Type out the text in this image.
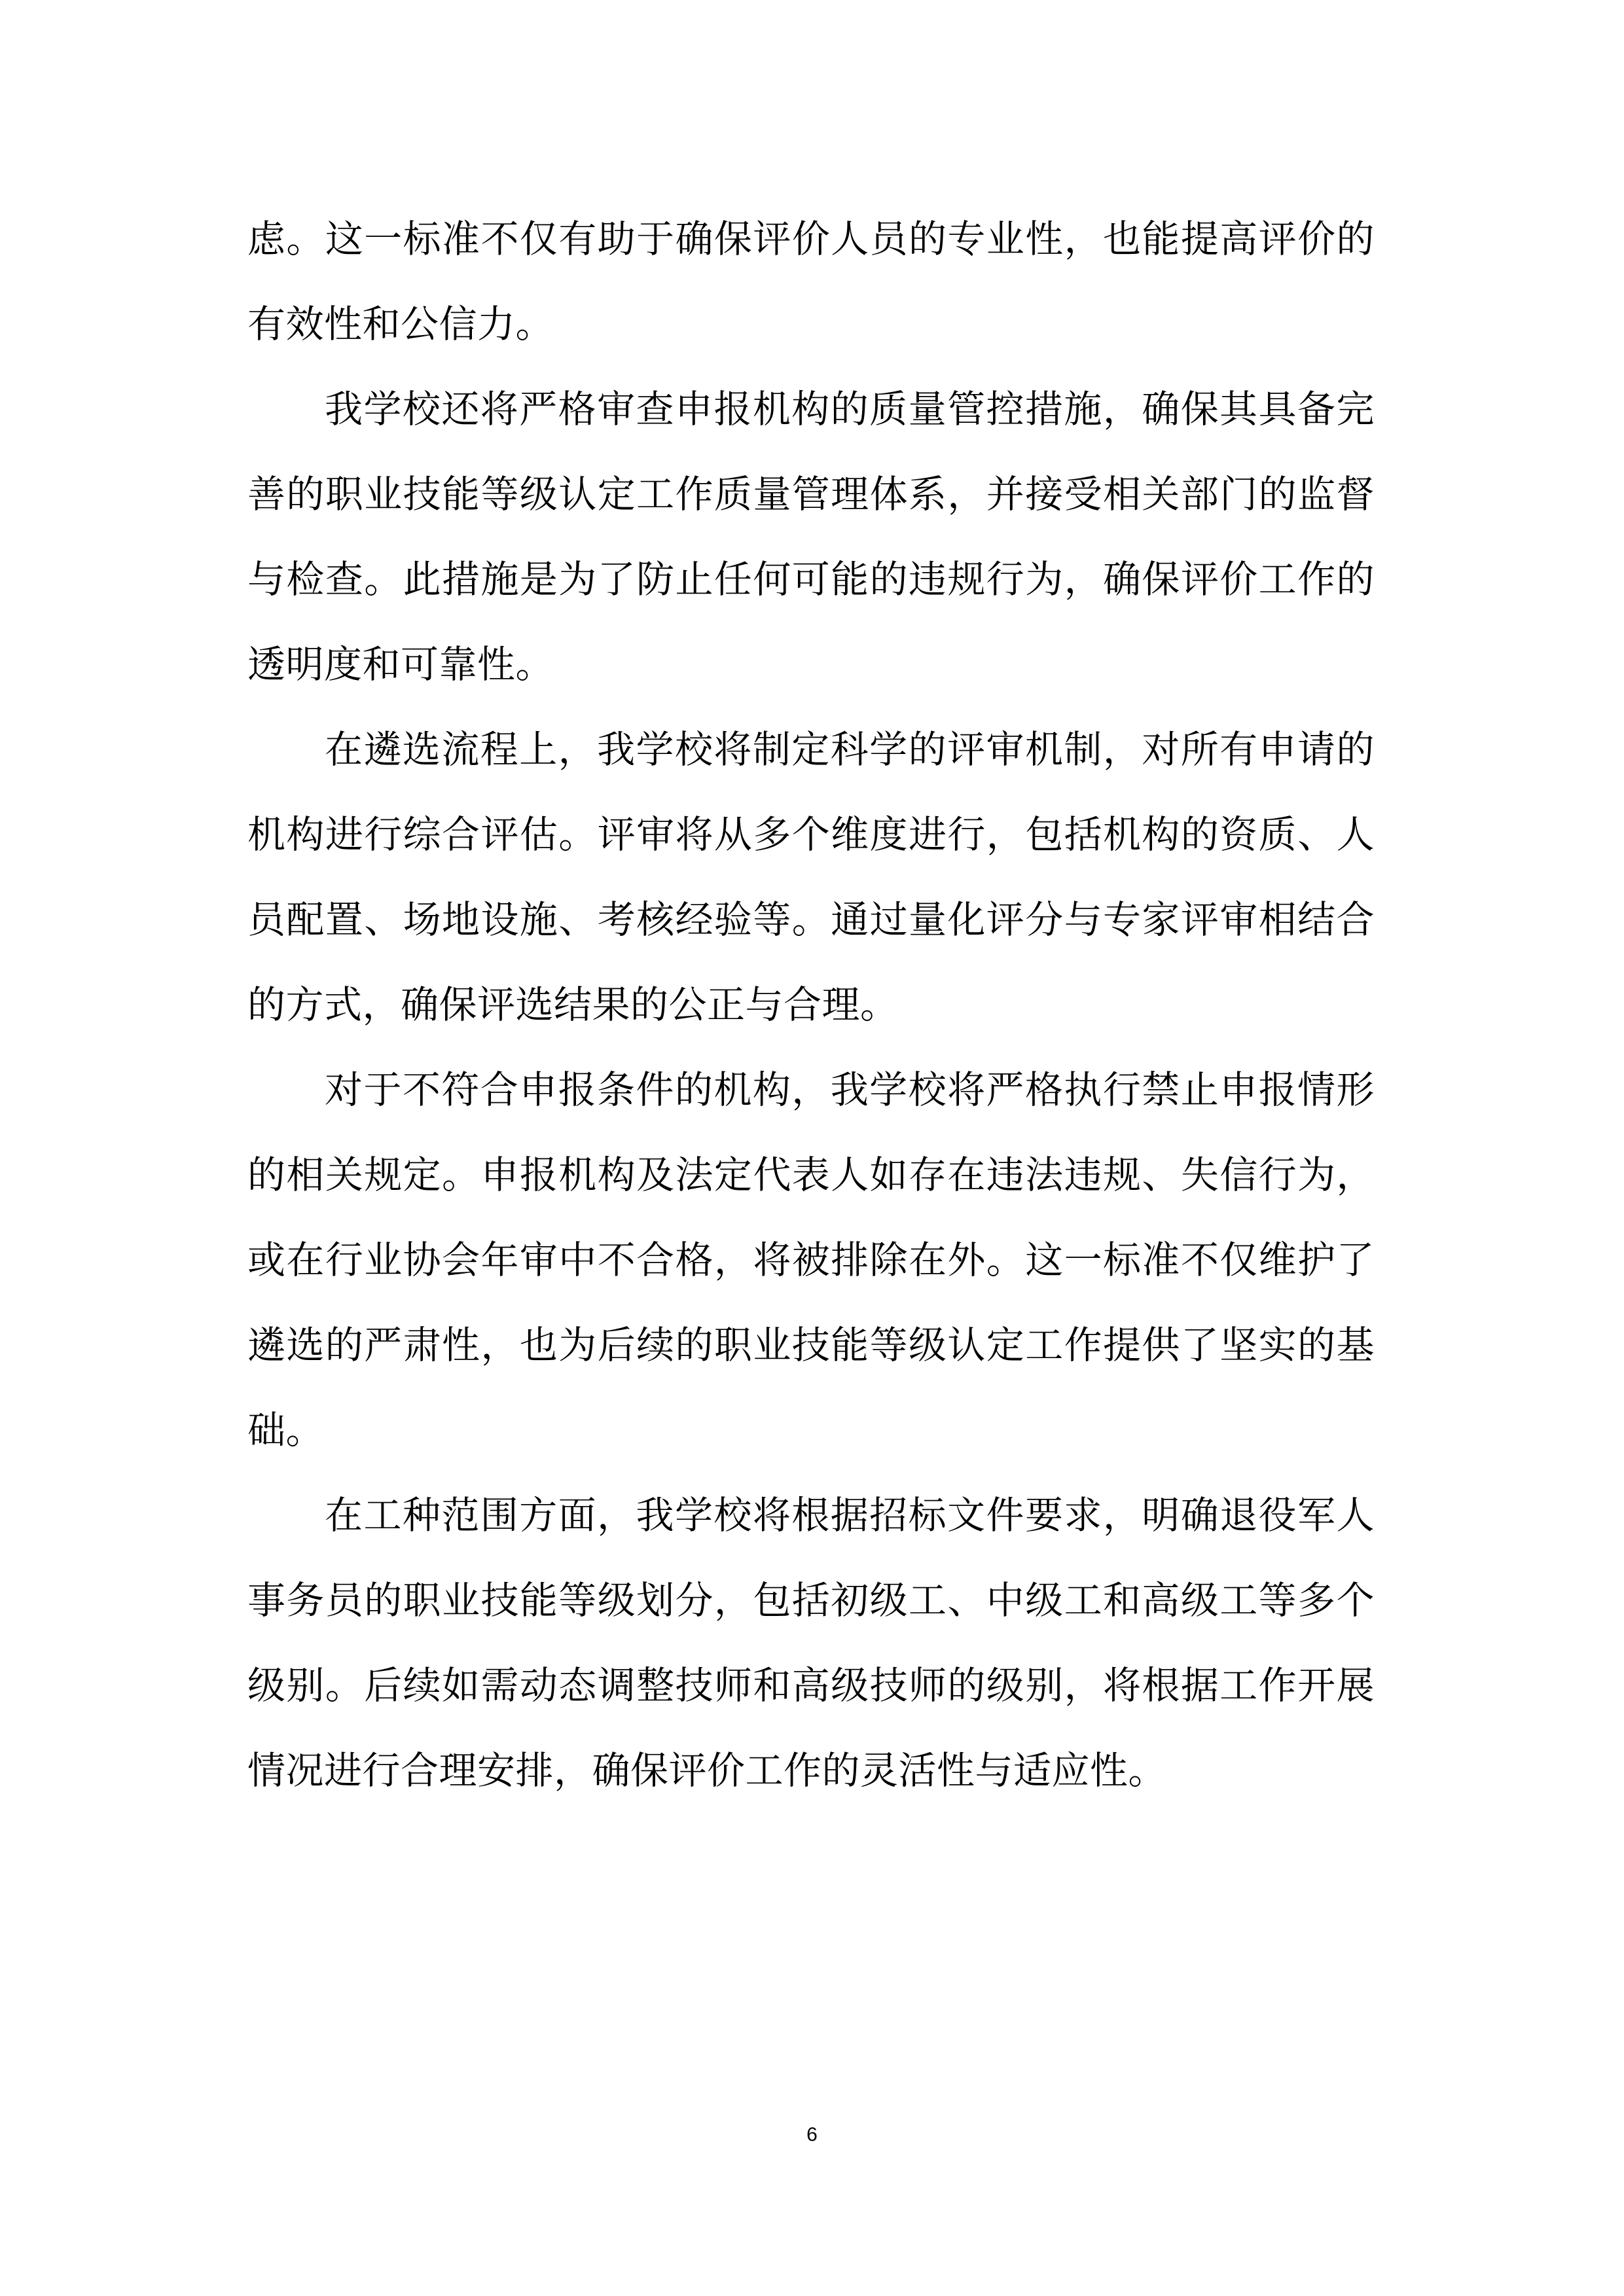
虑。这一标准不仅有助于确保评价人员的专业性，也能提高评价的有效性和公信力。

我学校还将严格审查申报机构的质量管控措施，确保其具备完善的职业技能等级认定工作质量管理体系，并接受相关部门的监督与检查。此措施是为了防止任何可能的违规行为，确保评价工作的透明度和可靠性。

在遴选流程上，我学校将制定科学的评审机制，对所有申请的机构进行综合评估。评审将从多个维度进行，包括机构的资质、人员配置、场地设施、考核经验等。通过量化评分与专家评审相结合的方式，确保评选结果的公正与合理。

对于不符合申报条件的机构，我学校将严格执行禁止申报情形的相关规定。申报机构及法定代表人如存在违法违规、失信行为，或在行业协会年审中不合格，将被排除在外。这一标准不仅维护了遴选的严肃性，也为后续的职业技能等级认定工作提供了坚实的基础。

在工种范围方面，我学校将根据招标文件要求，明确退役军人事务员的职业技能等级划分，包括初级工、中级工和高级工等多个级别。后续如需动态调整技师和高级技师的级别，将根据工作开展情况进行合理安排，确保评价工作的灵活性与适应性。

6
